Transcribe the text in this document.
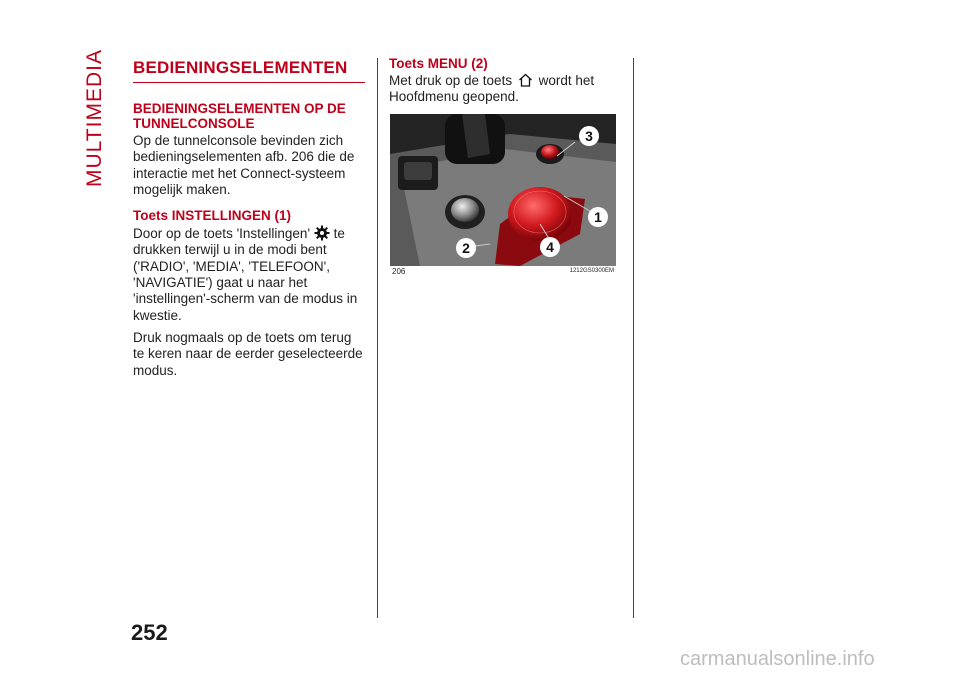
MULTIMEDIA BEDIENINGSELEMENTEN
BEDIENINGSELEMENTEN OP DE TUNNELCONSOLE

Op de tunnelconsole bevinden zich bedieningselementen afb. 206 die de interactie met het Connect-systeem mogelijk maken.

Toets INSTELLINGEN (1)

Door op de toets 'Instellingen' te drukken terwijl u in de modi bent ('RADIO', 'MEDIA', 'TELEFOON', 'NAVIGATIE') gaat u naar het 'instellingen'-scherm van de modus in kwestie.

Druk nogmaals op de toets om terug te keren naar de eerder geselecteerde modus.

Toets MENU (2)

Met druk op de toets wordt het Hoofdmenu geopend.

1
2
3
4
206	1212GS0300EM
252
carmanualsonline.info
